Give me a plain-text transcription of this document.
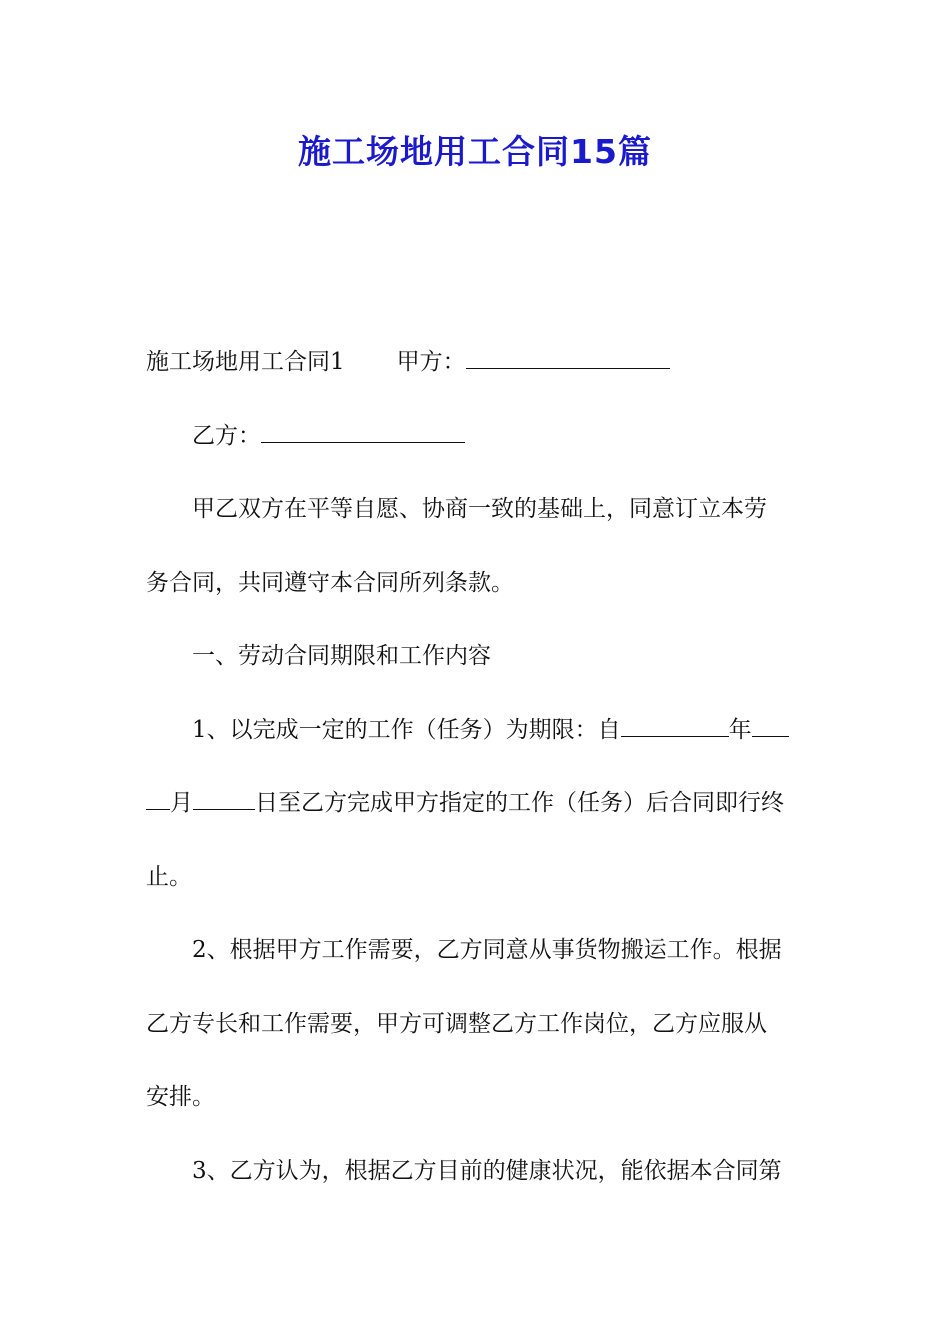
施工场地用工合同15篇
施工场地用工合同1 甲方：
乙方：
甲乙双方在平等自愿、协商一致的基础上，同意订立本劳
务合同，共同遵守本合同所列条款。
一、劳动合同期限和工作内容
1、以完成一定的工作（任务）为期限：自	年
月	日至乙方完成甲方指定的工作（任务）后合同即行终
止。
2、根据甲方工作需要，乙方同意从事货物搬运工作。根据
乙方专长和工作需要，甲方可调整乙方工作岗位，乙方应服从
安排。
3、乙方认为，根据乙方目前的健康状况，能依据本合同第
